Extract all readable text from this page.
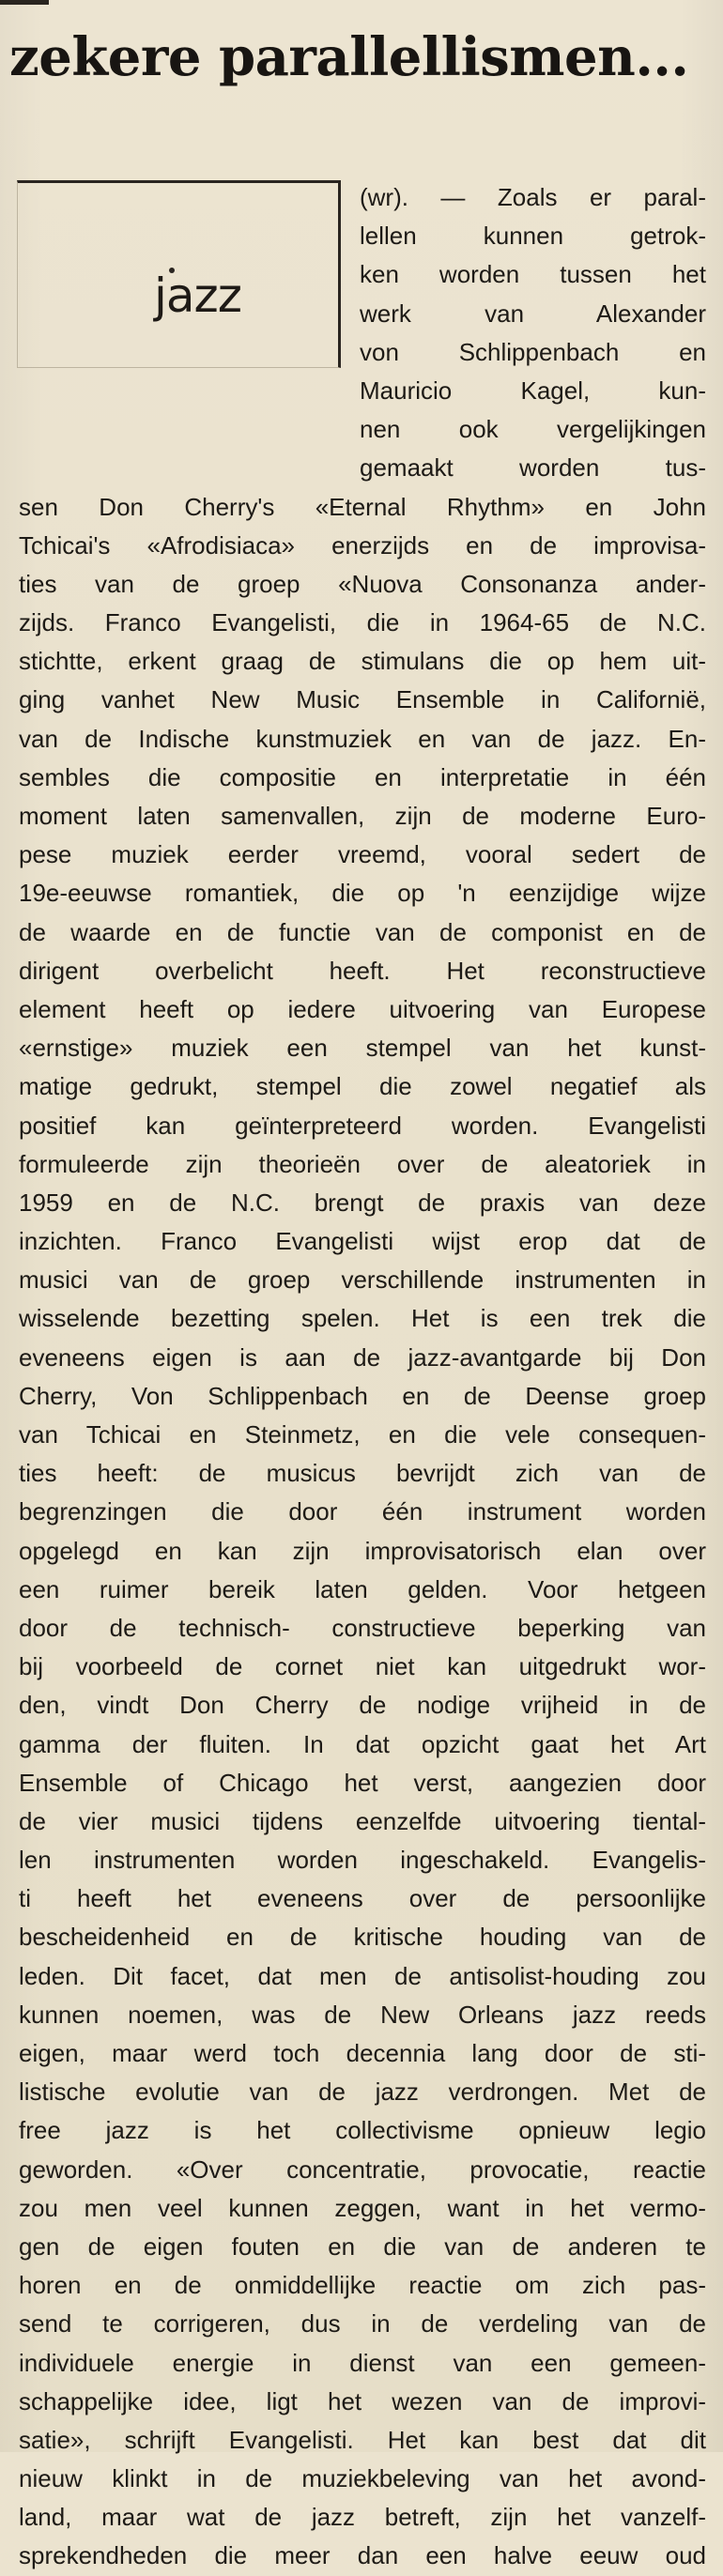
zekere parallellismen...

jazz

(wr). — Zoals er paral-
lellen kunnen getrok-
ken worden tussen het
werk van Alexander
von Schlippenbach en
Mauricio Kagel, kun-
nen ook vergelijkingen
gemaakt worden tus-
sen Don Cherry's «Eternal Rhythm» en John
Tchicai's «Afrodisiaca» enerzijds en de improvisa-
ties van de groep «Nuova Consonanza ander-
zijds. Franco Evangelisti, die in 1964-65 de N.C.
stichtte, erkent graag de stimulans die op hem uit-
ging vanhet New Music Ensemble in Californië,
van de Indische kunstmuziek en van de jazz. En-
sembles die compositie en interpretatie in één
moment laten samenvallen, zijn de moderne Euro-
pese muziek eerder vreemd, vooral sedert de
19e-eeuwse romantiek, die op 'n eenzijdige wijze
de waarde en de functie van de componist en de
dirigent overbelicht heeft. Het reconstructieve
element heeft op iedere uitvoering van Europese
«ernstige» muziek een stempel van het kunst-
matige gedrukt, stempel die zowel negatief als
positief kan geïnterpreteerd worden. Evangelisti
formuleerde zijn theorieën over de aleatoriek in
1959 en de N.C. brengt de praxis van deze
inzichten. Franco Evangelisti wijst erop dat de
musici van de groep verschillende instrumenten in
wisselende bezetting spelen. Het is een trek die
eveneens eigen is aan de jazz-avantgarde bij Don
Cherry, Von Schlippenbach en de Deense groep
van Tchicai en Steinmetz, en die vele consequen-
ties heeft: de musicus bevrijdt zich van de
begrenzingen die door één instrument worden
opgelegd en kan zijn improvisatorisch elan over
een ruimer bereik laten gelden. Voor hetgeen
door de technisch- constructieve beperking van
bij voorbeeld de cornet niet kan uitgedrukt wor-
den, vindt Don Cherry de nodige vrijheid in de
gamma der fluiten. In dat opzicht gaat het Art
Ensemble of Chicago het verst, aangezien door
de vier musici tijdens eenzelfde uitvoering tiental-
len instrumenten worden ingeschakeld. Evangelis-
ti heeft het eveneens over de persoonlijke
bescheidenheid en de kritische houding van de
leden. Dit facet, dat men de antisolist-houding zou
kunnen noemen, was de New Orleans jazz reeds
eigen, maar werd toch decennia lang door de sti-
listische evolutie van de jazz verdrongen. Met de
free jazz is het collectivisme opnieuw legio
geworden. «Over concentratie, provocatie, reactie
zou men veel kunnen zeggen, want in het vermo-
gen de eigen fouten en die van de anderen te
horen en de onmiddellijke reactie om zich pas-
send te corrigeren, dus in de verdeling van de
individuele energie in dienst van een gemeen-
schappelijke idee, ligt het wezen van de improvi-
satie», schrijft Evangelisti. Het kan best dat dit
nieuw klinkt in de muziekbeleving van het avond-
land, maar wat de jazz betreft, zijn het vanzelf-
sprekendheden die meer dan een halve eeuw oud
